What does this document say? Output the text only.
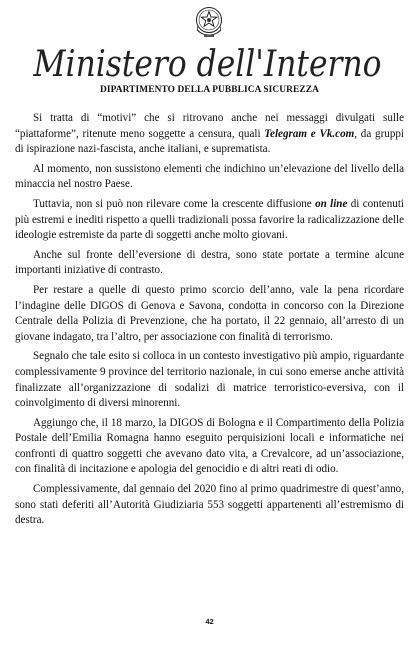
Ministero dell'Interno
DIPARTIMENTO DELLA PUBBLICA SICUREZZA

Si tratta di “motivi” che si ritrovano anche nei messaggi divulgati sulle “piattaforme”, ritenute meno soggette a censura, quali Telegram e Vk.com, da gruppi di ispirazione nazi-fascista, anche italiani, e suprematista.

Al momento, non sussistono elementi che indichino un’elevazione del livello della minaccia nel nostro Paese.

Tuttavia, non si può non rilevare come la crescente diffusione on line di contenuti più estremi e inediti rispetto a quelli tradizionali possa favorire la radicalizzazione delle ideologie estremiste da parte di soggetti anche molto giovani.

Anche sul fronte dell’eversione di destra, sono state portate a termine alcune importanti iniziative di contrasto.

Per restare a quelle di questo primo scorcio dell’anno, vale la pena ricordare l’indagine delle DIGOS di Genova e Savona, condotta in concorso con la Direzione Centrale della Polizia di Prevenzione, che ha portato, il 22 gennaio, all’arresto di un giovane indagato, tra l’altro, per associazione con finalità di terrorismo.

Segnalo che tale esito si colloca in un contesto investigativo più ampio, riguardante complessivamente 9 province del territorio nazionale, in cui sono emerse anche attività finalizzate all’organizzazione di sodalizi di matrice terroristico-eversiva, con il coinvolgimento di diversi minorenni.

Aggiungo che, il 18 marzo, la DIGOS di Bologna e il Compartimento della Polizia Postale dell’Emilia Romagna hanno eseguito perquisizioni locali e informatiche nei confronti di quattro soggetti che avevano dato vita, a Crevalcore, ad un’associazione, con finalità di incitazione e apologia del genocidio e di altri reati di odio.

Complessivamente, dal gennaio del 2020 fino al primo quadrimestre di quest’anno, sono stati deferiti all’Autorità Giudiziaria 553 soggetti appartenenti all’estremismo di destra.

42
